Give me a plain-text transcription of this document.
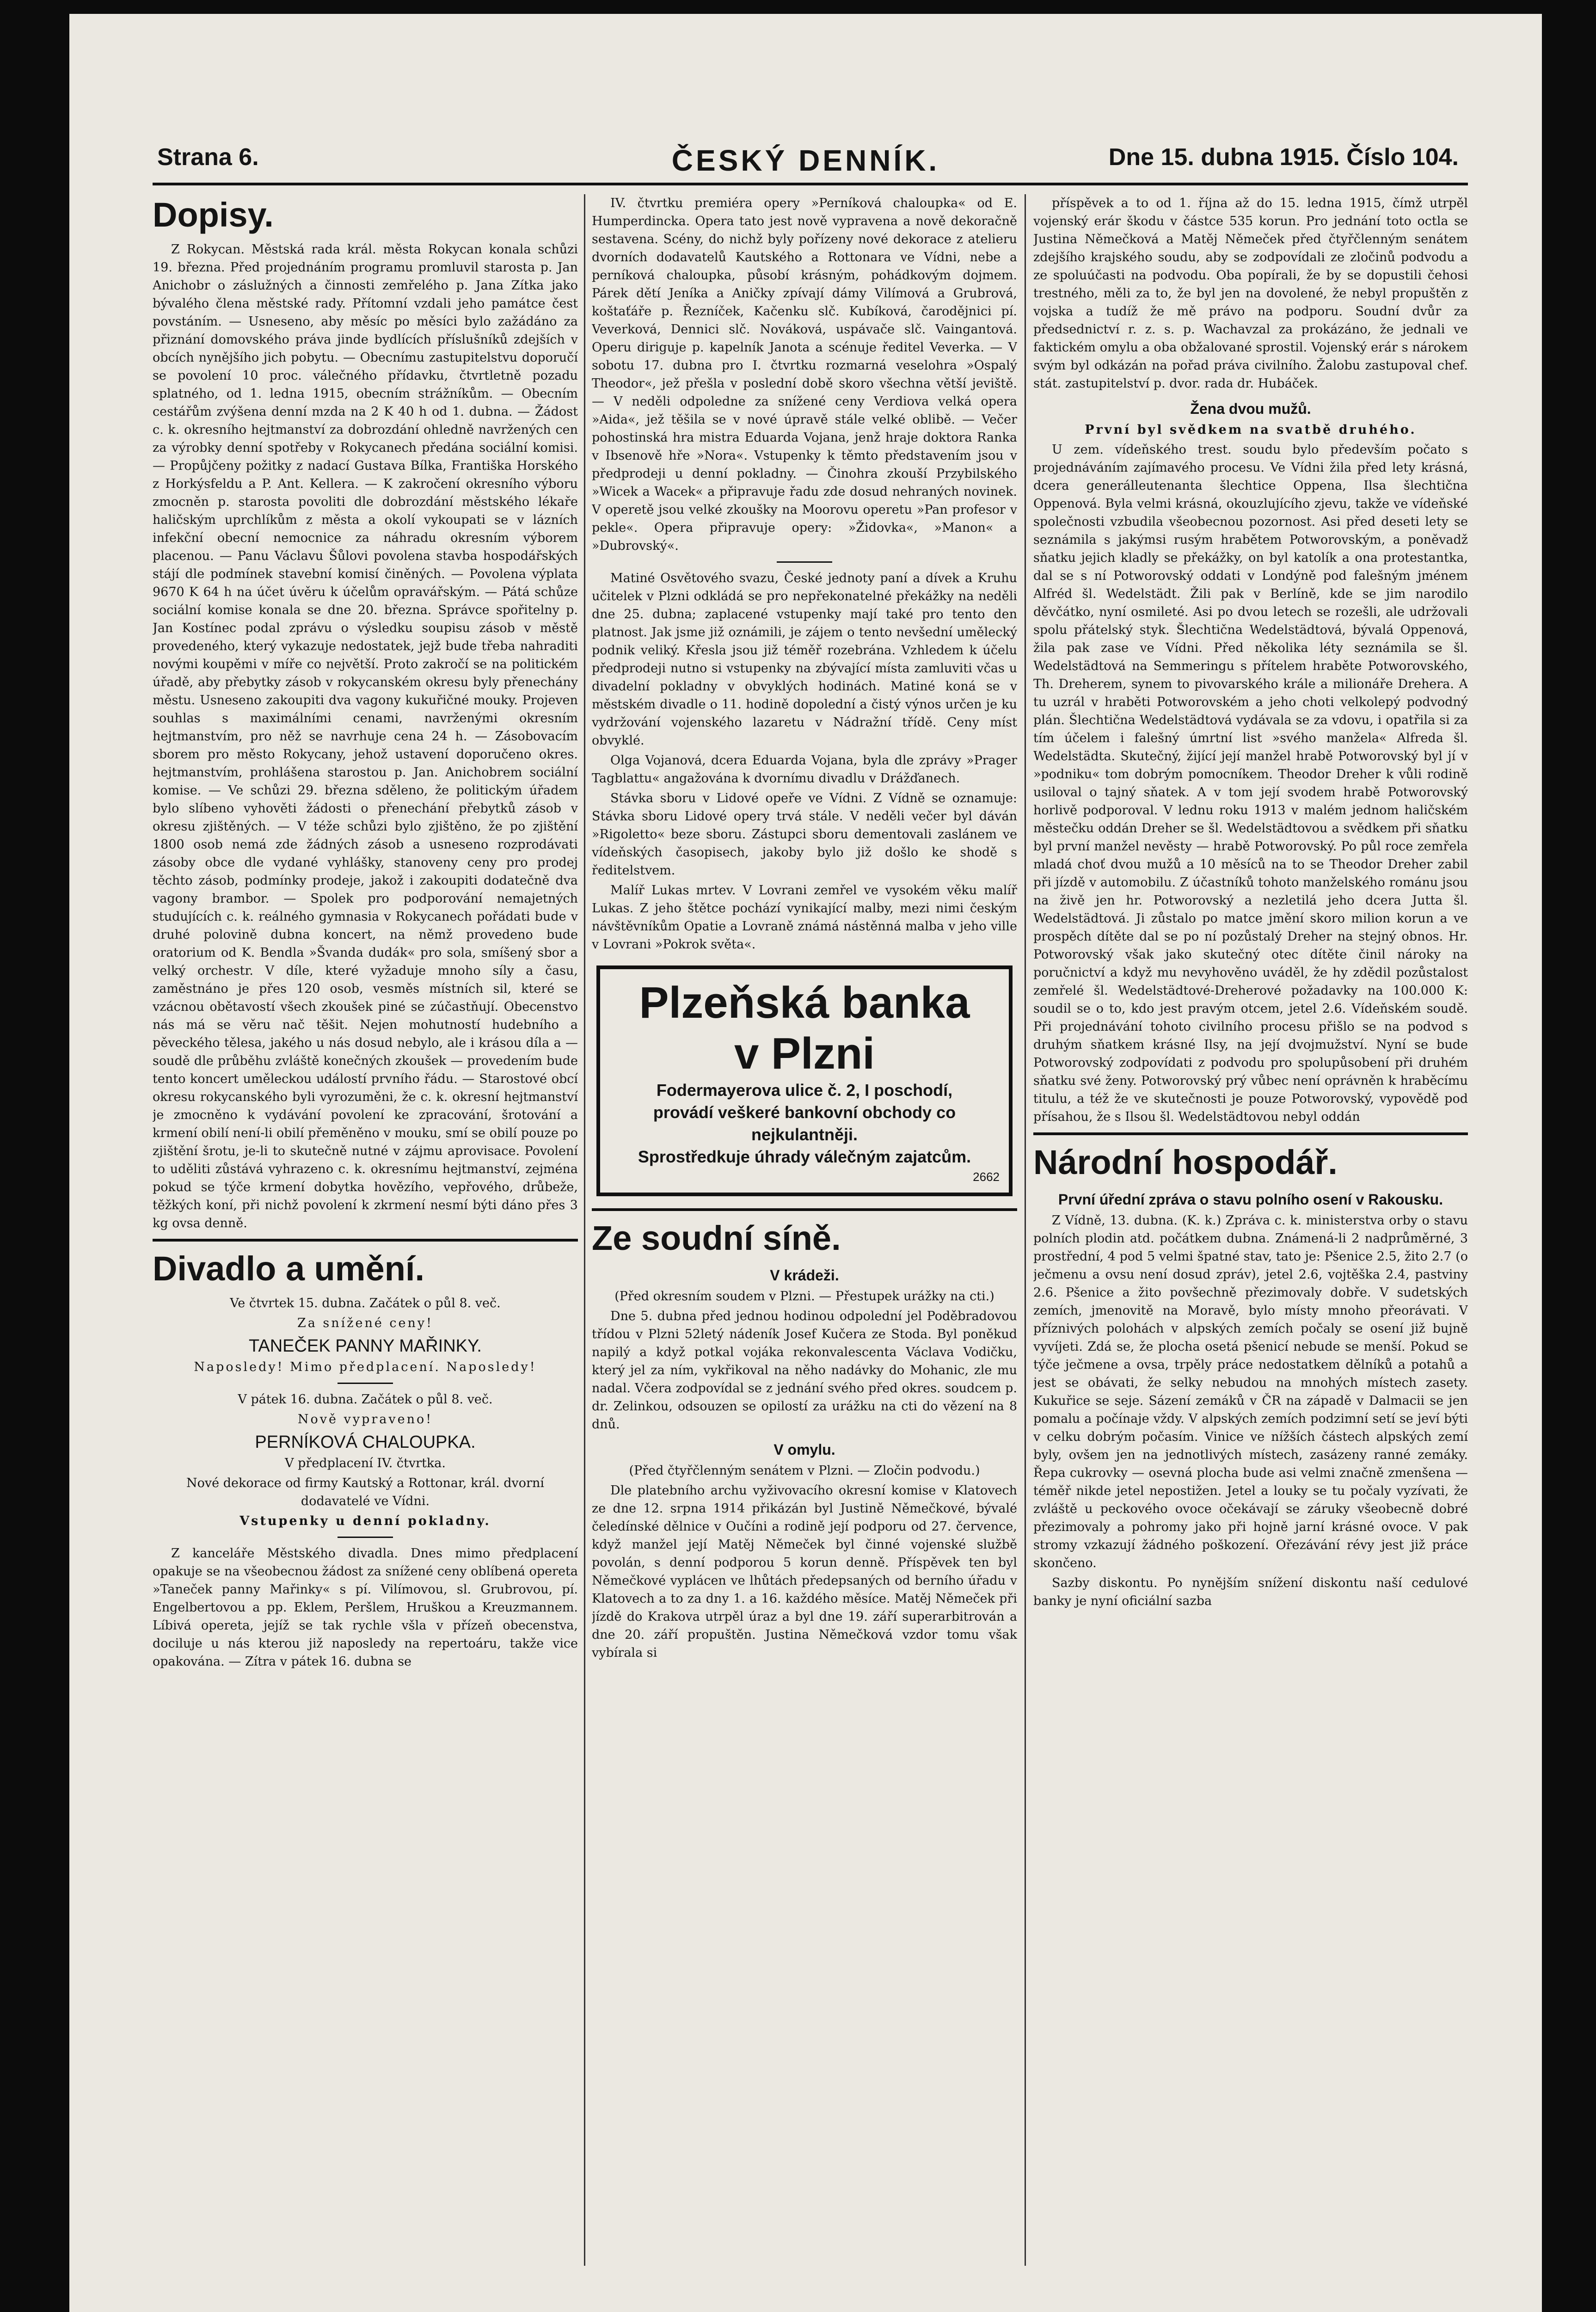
Strana 6.	ČESKÝ DENNÍK.	Dne 15. dubna 1915. Číslo 104.
Dopisy.

Z Rokycan. Městská rada král. města Rokycan konala schůzi 19. března. Před projednáním programu promluvil starosta p. Jan Anichobr o záslužných a činnosti zemřelého p. Jana Zítka jako bývalého člena městské rady. Přítomní vzdali jeho památce čest povstáním. — Usneseno, aby měsíc po měsíci bylo zažádáno za přiznání domovského práva jinde bydlících příslušníků zdejších v obcích nynějšího jich pobytu. — Obecnímu zastupitelstvu doporučí se povolení 10 proc. válečného přídavku, čtvrtletně pozadu splatného, od 1. ledna 1915, obecním strážníkům. — Obecním cestářům zvýšena denní mzda na 2 K 40 h od 1. dubna. — Žádost c. k. okresního hejtmanství za dobrozdání ohledně navržených cen za výrobky denní spotřeby v Rokycanech předána sociální komisi. — Propůjčeny požitky z nadací Gustava Bílka, Františka Horského z Horkýsfeldu a P. Ant. Kellera. — K zakročení okresního výboru zmocněn p. starosta povoliti dle dobrozdání městského lékaře haličským uprchlíkům z města a okolí vykoupati se v lázních infekční obecní nemocnice za náhradu okresním výborem placenou. — Panu Václavu Šůlovi povolena stavba hospodářských stájí dle podmínek stavební komisí činěných. — Povolena výplata 9670 K 64 h na účet úvěru k účelům opravářským. — Pátá schůze sociální komise konala se dne 20. března. Správce spořitelny p. Jan Kostínec podal zprávu o výsledku soupisu zásob v městě provedeného, který vykazuje nedostatek, jejž bude třeba nahraditi novými koupěmi v míře co největší. Proto zakročí se na politickém úřadě, aby přebytky zásob v rokycanském okresu byly přenechány městu. Usneseno zakoupiti dva vagony kukuřičné mouky. Projeven souhlas s maximálními cenami, navrženými okresním hejtmanstvím, pro něž se navrhuje cena 24 h. — Zásobovacím sborem pro město Rokycany, jehož ustavení doporučeno okres. hejtmanstvím, prohlášena starostou p. Jan. Anichobrem sociální komise. — Ve schůzi 29. března sděleno, že politickým úřadem bylo slíbeno vyhověti žádosti o přenechání přebytků zásob v okresu zjištěných. — V téže schůzi bylo zjištěno, že po zjištění 1800 osob nemá zde žádných zásob a usneseno rozprodávati zásoby obce dle vydané vyhlášky, stanoveny ceny pro prodej těchto zásob, podmínky prodeje, jakož i zakoupiti dodatečně dva vagony brambor. — Spolek pro podporování nemajetných studujících c. k. reálného gymnasia v Rokycanech pořádati bude v druhé polovině dubna koncert, na němž provedeno bude oratorium od K. Bendla »Švanda dudák« pro sola, smíšený sbor a velký orchestr. V díle, které vyžaduje mnoho síly a času, zaměstnáno je přes 120 osob, vesměs místních sil, které se vzácnou obětavostí všech zkoušek piné se zúčastňují. Obecenstvo nás má se věru nač těšit. Nejen mohutností hudebního a pěveckého tělesa, jakého u nás dosud nebylo, ale i krásou díla a — soudě dle průběhu zvláště konečných zkoušek — provedením bude tento koncert uměleckou událostí prvního řádu. — Starostové obcí okresu rokycanského byli vyrozuměni, že c. k. okresní hejtmanství je zmocněno k vydávání povolení ke zpracování, šrotování a krmení obilí není-li obilí přeměněno v mouku, smí se obilí pouze po zjištění šrotu, je-li to skutečně nutné v zájmu aprovisace. Povolení to uděliti zůstává vyhrazeno c. k. okresnímu hejtmanství, zejména pokud se týče krmení dobytka hovězího, vepřového, drůbeže, těžkých koní, při nichž povolení k zkrmení nesmí býti dáno přes 3 kg ovsa denně.

Divadlo a umění.

Ve čtvrtek 15. dubna. Začátek o půl 8. več.

Za snížené ceny!

TANEČEK PANNY MAŘINKY.

Naposledy! Mimo předplacení. Naposledy!

V pátek 16. dubna. Začátek o půl 8. več.

Nově vypraveno!

PERNÍKOVÁ CHALOUPKA.

V předplacení IV. čtvrtka.

Nové dekorace od firmy Kautský a Rottonar, král. dvorní dodavatelé ve Vídni.

Vstupenky u denní pokladny.

Z kanceláře Městského divadla. Dnes mimo předplacení opakuje se na všeobecnou žádost za snížené ceny oblíbená opereta »Taneček panny Mařinky« s pí. Vilímovou, sl. Grubrovou, pí. Engelbertovou a pp. Eklem, Peršlem, Hruškou a Kreuzmannem. Líbivá opereta, jejíž se tak rychle všla v přízeň obecenstva, dociluje u nás kterou již naposledy na repertoáru, takže vice opakována. — Zítra v pátek 16. dubna se

IV. čtvrtku premiéra opery »Perníková chaloupka« od E. Humperdincka. Opera tato jest nově vypravena a nově dekoračně sestavena. Scény, do nichž byly pořízeny nové dekorace z atelieru dvorních dodavatelů Kautského a Rottonara ve Vídni, nebe a perníková chaloupka, působí krásným, pohádkovým dojmem. Párek dětí Jeníka a Aničky zpívají dámy Vilímová a Grubrová, koštaťáře p. Řezníček, Kačenku slč. Kubíková, čarodějnici pí. Veverková, Dennici slč. Nováková, uspávače slč. Vaingantová. Operu diriguje p. kapelník Janota a scénuje ředitel Veverka. — V sobotu 17. dubna pro I. čtvrtku rozmarná veselohra »Ospalý Theodor«, jež přešla v poslední době skoro všechna větší jeviště. — V neděli odpoledne za snížené ceny Verdiova velká opera »Aida«, jež těšila se v nové úpravě stále velké oblibě. — Večer pohostinská hra mistra Eduarda Vojana, jenž hraje doktora Ranka v Ibsenově hře »Nora«. Vstupenky k těmto představením jsou v předprodeji u denní pokladny. — Činohra zkouší Przybilského »Wicek a Wacek« a připravuje řadu zde dosud nehraných novinek. V operetě jsou velké zkoušky na Moorovu operetu »Pan profesor v pekle«. Opera připravuje opery: »Židovka«, »Manon« a »Dubrovský«.

Matiné Osvětového svazu, České jednoty paní a dívek a Kruhu učitelek v Plzni odkládá se pro nepřekonatelné překážky na neděli dne 25. dubna; zaplacené vstupenky mají také pro tento den platnost. Jak jsme již oznámili, je zájem o tento nevšední umělecký podnik veliký. Křesla jsou již téměř rozebrána. Vzhledem k účelu předprodeji nutno si vstupenky na zbývající místa zamluviti včas u divadelní pokladny v obvyklých hodinách. Matiné koná se v městském divadle o 11. hodině dopolední a čistý výnos určen je ku vydržování vojenského lazaretu v Nádražní třídě. Ceny míst obvyklé.

Olga Vojanová, dcera Eduarda Vojana, byla dle zprávy »Prager Tagblattu« angažována k dvornímu divadlu v Drážďanech.

Stávka sboru v Lidové opeře ve Vídni. Z Vídně se oznamuje: Stávka sboru Lidové opery trvá stále. V neděli večer byl dáván »Rigoletto« beze sboru. Zástupci sboru dementovali zaslánem ve vídeňských časopisech, jakoby bylo již došlo ke shodě s ředitelstvem.

Malíř Lukas mrtev. V Lovrani zemřel ve vysokém věku malíř Lukas. Z jeho štětce pochází vynikající malby, mezi nimi českým návštěvníkům Opatie a Lovraně známá nástěnná malba v jeho ville v Lovrani »Pokrok světa«.

Plzeňská banka
v Plzni
Fodermayerova ulice č. 2, I poschodí,
provádí veškeré bankovní obchody co nejkulantněji.
Sprostředkuje úhrady válečným zajatcům.
2662
Ze soudní síně.
V krádeži.

(Před okresním soudem v Plzni. — Přestupek urážky na cti.)

Dne 5. dubna před jednou hodinou odpolední jel Poděbradovou třídou v Plzni 52letý nádeník Josef Kučera ze Stoda. Byl poněkud napilý a když potkal vojáka rekonvalescenta Václava Vodičku, který jel za ním, vykřikoval na něho nadávky do Mohanic, zle mu nadal. Včera zodpovídal se z jednání svého před okres. soudcem p. dr. Zelinkou, odsouzen se opilostí za urážku na cti do vězení na 8 dnů.

V omylu.

(Před čtyřčlenným senátem v Plzni. — Zločin podvodu.)

Dle platebního archu vyživovacího okresní komise v Klatovech ze dne 12. srpna 1914 přikázán byl Justině Němečkové, bývalé čeledínské dělnice v Oučíni a rodině její podporu od 27. července, když manžel její Matěj Němeček byl činné vojenské službě povolán, s denní podporou 5 korun denně. Příspěvek ten byl Němečkové vyplácen ve lhůtách předepsaných od berního úřadu v Klatovech a to za dny 1. a 16. každého měsíce. Matěj Němeček při jízdě do Krakova utrpěl úraz a byl dne 19. září superarbitrován a dne 20. září propuštěn. Justina Němečková vzdor tomu však vybírala si

příspěvek a to od 1. října až do 15. ledna 1915, čímž utrpěl vojenský erár škodu v částce 535 korun. Pro jednání toto octla se Justina Němečková a Matěj Němeček před čtyřčlenným senátem zdejšího krajského soudu, aby se zodpovídali ze zločinů podvodu a ze spoluúčasti na podvodu. Oba popírali, že by se dopustili čehosi trestného, měli za to, že byl jen na dovolené, že nebyl propuštěn z vojska a tudíž že mě právo na podporu. Soudní dvůr za předsednictví r. z. s. p. Wachavzal za prokázáno, že jednali ve faktickém omylu a oba obžalované sprostil. Vojenský erár s nárokem svým byl odkázán na pořad práva civilního. Žalobu zastupoval chef. stát. zastupitelství p. dvor. rada dr. Hubáček.

Žena dvou mužů.

První byl svědkem na svatbě druhého.

U zem. vídeňského trest. soudu bylo především počato s projednáváním zajímavého procesu. Ve Vídni žila před lety krásná, dcera generálleutenanta šlechtice Oppena, Ilsa šlechtična Oppenová. Byla velmi krásná, okouzlujícího zjevu, takže ve vídeňské společnosti vzbudila všeobecnou pozornost. Asi před deseti lety se seznámila s jakýmsi rusým hrabětem Potworovským, a poněvadž sňatku jejich kladly se překážky, on byl katolík a ona protestantka, dal se s ní Potworovský oddati v Londýně pod falešným jménem Alfréd šl. Wedelstädt. Žili pak v Berlíně, kde se jim narodilo děvčátko, nyní osmileté. Asi po dvou letech se rozešli, ale udržovali spolu přátelský styk. Šlechtična Wedelstädtová, bývalá Oppenová, žila pak zase ve Vídni. Před několika léty seznámila se šl. Wedelstädtová na Semmeringu s přítelem hraběte Potworovského, Th. Dreherem, synem to pivovarského krále a milionáře Drehera. A tu uzrál v hraběti Potworovském a jeho choti velkolepý podvodný plán. Šlechtična Wedelstädtová vydávala se za vdovu, i opatřila si za tím účelem i falešný úmrtní list »svého manžela« Alfreda šl. Wedelstädta. Skutečný, žijící její manžel hrabě Potworovský byl jí v »podniku« tom dobrým pomocníkem. Theodor Dreher k vůli rodině usiloval o tajný sňatek. A v tom její svodem hrabě Potworovský horlivě podporoval. V lednu roku 1913 v malém jednom haličském městečku oddán Dreher se šl. Wedelstädtovou a svědkem při sňatku byl první manžel nevěsty — hrabě Potworovský. Po půl roce zemřela mladá choť dvou mužů a 10 měsíců na to se Theodor Dreher zabil při jízdě v automobilu. Z účastníků tohoto manželského románu jsou na živě jen hr. Potworovský a nezletilá jeho dcera Jutta šl. Wedelstädtová. Ji zůstalo po matce jmění skoro milion korun a ve prospěch dítěte dal se po ní pozůstalý Dreher na stejný obnos. Hr. Potworovský však jako skutečný otec dítěte činil nároky na poručnictví a když mu nevyhověno uváděl, že hy zdědil pozůstalost zemřelé šl. Wedelstädtové-Dreherové požadavky na 100.000 K: soudil se o to, kdo jest pravým otcem, jetel 2.6. Vídeňském soudě. Při projednávání tohoto civilního procesu přišlo se na podvod s druhým sňatkem krásné Ilsy, na její dvojmužství. Nyní se bude Potworovský zodpovídati z podvodu pro spolupůsobení při druhém sňatku své ženy. Potworovský prý vůbec není oprávněn k hraběcímu titulu, a též že ve skutečnosti je pouze Potworovský, vypovědě pod přísahou, že s Ilsou šl. Wedelstädtovou nebyl oddán

Národní hospodář.
První úřední zpráva o stavu polního osení v Rakousku.

Z Vídně, 13. dubna. (K. k.) Zpráva c. k. ministerstva orby o stavu polních plodin atd. počátkem dubna. Známená-li 2 nadprůměrné, 3 prostřední, 4 pod 5 velmi špatné stav, tato je: Pšenice 2.5, žito 2.7 (o ječmenu a ovsu není dosud zpráv), jetel 2.6, vojtěška 2.4, pastviny 2.6. Pšenice a žito povšechně přezimovaly dobře. V sudetských zemích, jmenovitě na Moravě, bylo místy mnoho přeorávati. V příznivých polohách v alpských zemích počaly se osení již bujně vyvíjeti. Zdá se, že plocha osetá pšenicí nebude se menší. Pokud se týče ječmene a ovsa, trpěly práce nedostatkem dělníků a potahů a jest se obávati, že selky nebudou na mnohých místech zasety. Kukuřice se seje. Sázení zemáků v ČR na západě v Dalmacii se jen pomalu a počínaje vždy. V alpských zemích podzimní setí se jeví býti v celku dobrým počasím. Vinice ve nížších částech alpských zemí byly, ovšem jen na jednotlivých místech, zasázeny ranné zemáky. Řepa cukrovky — osevná plocha bude asi velmi značně zmenšena — téměř nikde jetel nepostižen. Jetel a louky se tu počaly vyzívati, že zvláště u peckového ovoce očekávají se záruky všeobecně dobré přezimovaly a pohromy jako při hojně jarní krásné ovoce. V pak stromy vzkazují žádného poškození. Ořezávání révy jest již práce skončeno.

Sazby diskontu. Po nynějším snížení diskontu naší cedulové banky je nyní oficiální sazba
